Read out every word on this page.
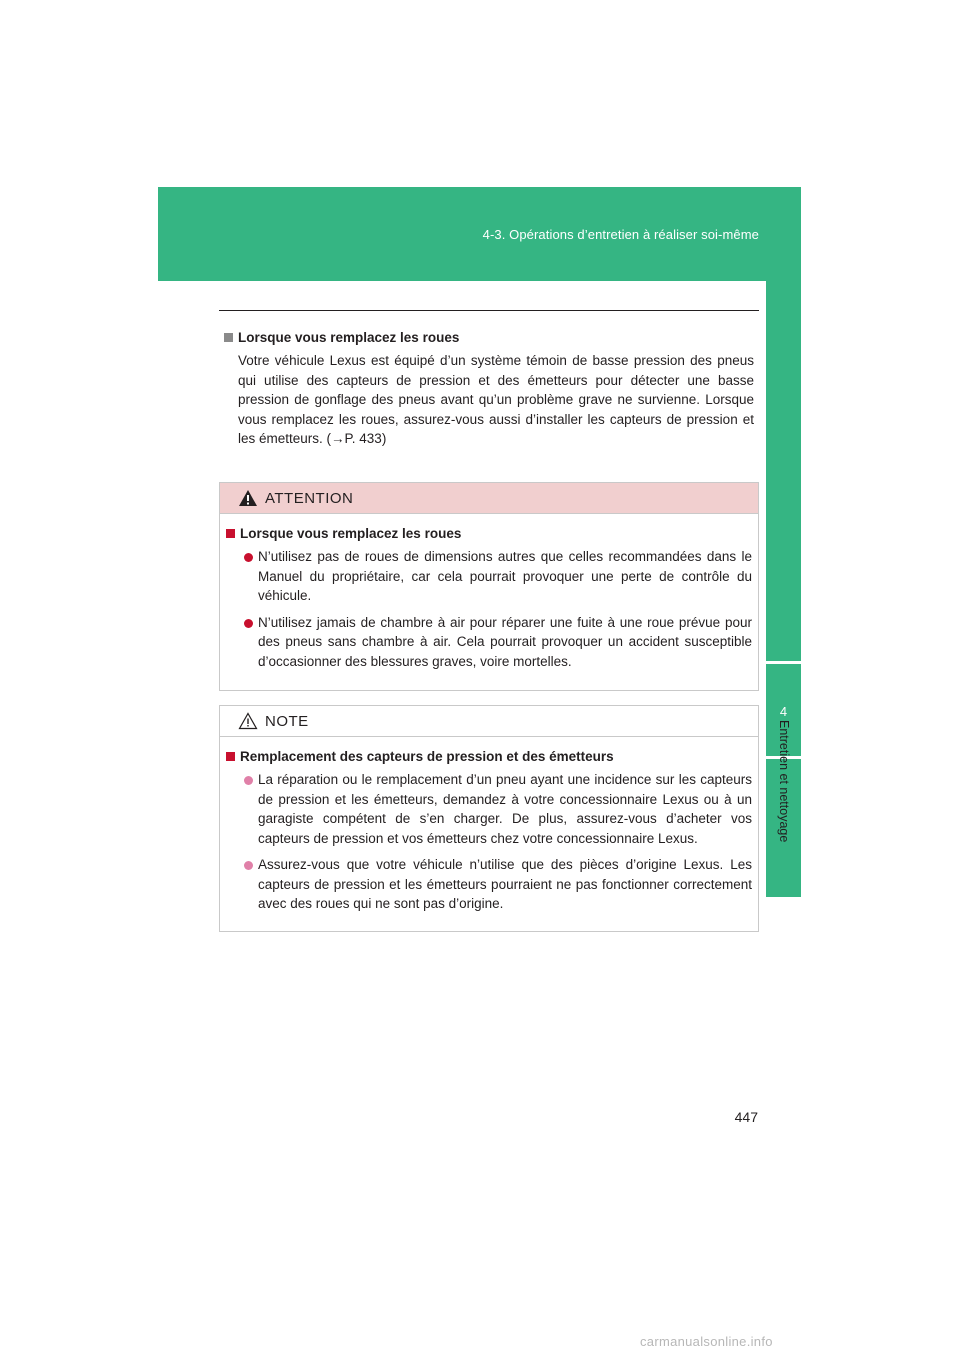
4-3. Opérations d’entretien à réaliser soi-même
4
Entretien et nettoyage

Lorsque vous remplacez les roues

Votre véhicule Lexus est équipé d’un système témoin de basse pression des pneus qui utilise des capteurs de pression et des émetteurs pour détecter une basse pression de gonflage des pneus avant qu’un problème grave ne survienne. Lorsque vous remplacez les roues, assurez-vous aussi d’installer les capteurs de pression et les émetteurs. (→P. 433)

ATTENTION

Lorsque vous remplacez les roues

N’utilisez pas de roues de dimensions autres que celles recommandées dans le Manuel du propriétaire, car cela pourrait provoquer une perte de contrôle du véhicule.
N’utilisez jamais de chambre à air pour réparer une fuite à une roue prévue pour des pneus sans chambre à air. Cela pourrait provoquer un accident susceptible d’occasionner des blessures graves, voire mortelles.
NOTE

Remplacement des capteurs de pression et des émetteurs

La réparation ou le remplacement d’un pneu ayant une incidence sur les capteurs de pression et les émetteurs, demandez à votre concessionnaire Lexus ou à un garagiste compétent de s’en charger. De plus, assurez-vous d’acheter vos capteurs de pression et vos émetteurs chez votre concessionnaire Lexus.
Assurez-vous que votre véhicule n’utilise que des pièces d’origine Lexus. Les capteurs de pression et les émetteurs pourraient ne pas fonctionner correctement avec des roues qui ne sont pas d’origine.
447
carmanualsonline.info
